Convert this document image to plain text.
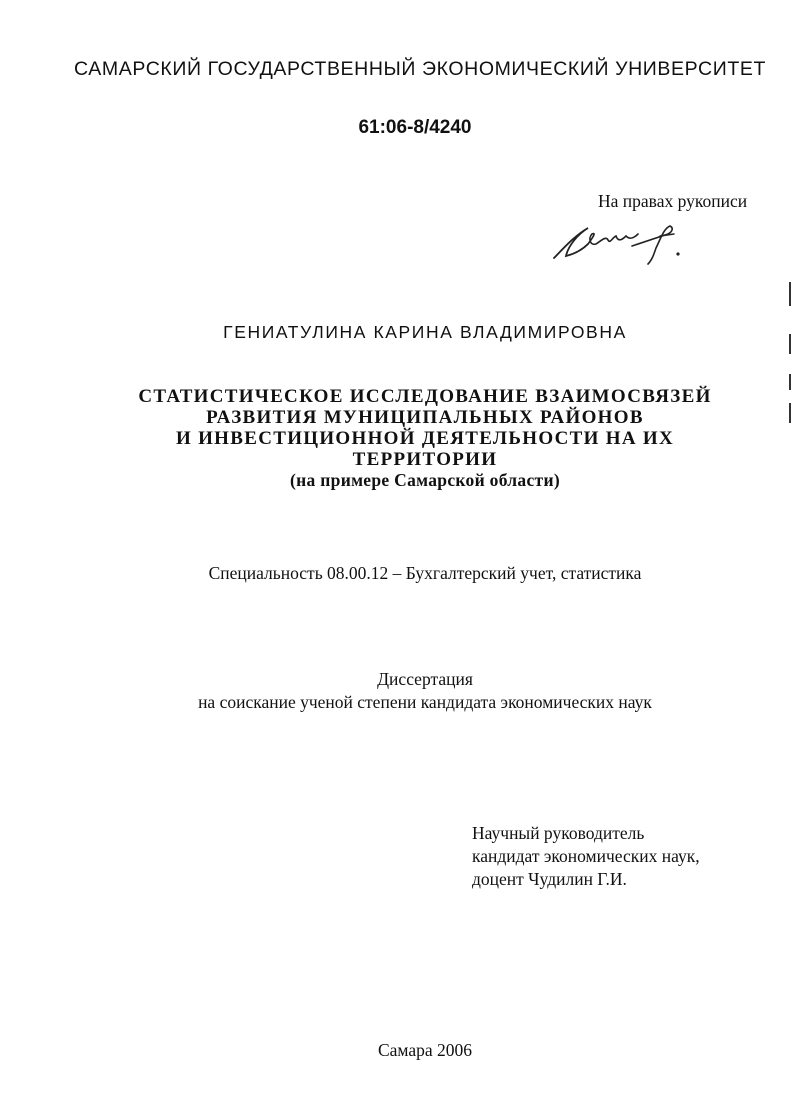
САМАРСКИЙ ГОСУДАРСТВЕННЫЙ ЭКОНОМИЧЕСКИЙ УНИВЕРСИТЕТ
61:06-8/4240
На правах рукописи
ГЕНИАТУЛИНА КАРИНА ВЛАДИМИРОВНА
СТАТИСТИЧЕСКОЕ ИССЛЕДОВАНИЕ ВЗАИМОСВЯЗЕЙ
РАЗВИТИЯ МУНИЦИПАЛЬНЫХ РАЙОНОВ
И ИНВЕСТИЦИОННОЙ ДЕЯТЕЛЬНОСТИ НА ИХ
ТЕРРИТОРИИ
(на примере Самарской области)
Специальность 08.00.12 – Бухгалтерский учет, статистика
Диссертация
на соискание ученой степени кандидата экономических наук
Научный руководитель
кандидат экономических наук,
доцент Чудилин Г.И.
Самара 2006
